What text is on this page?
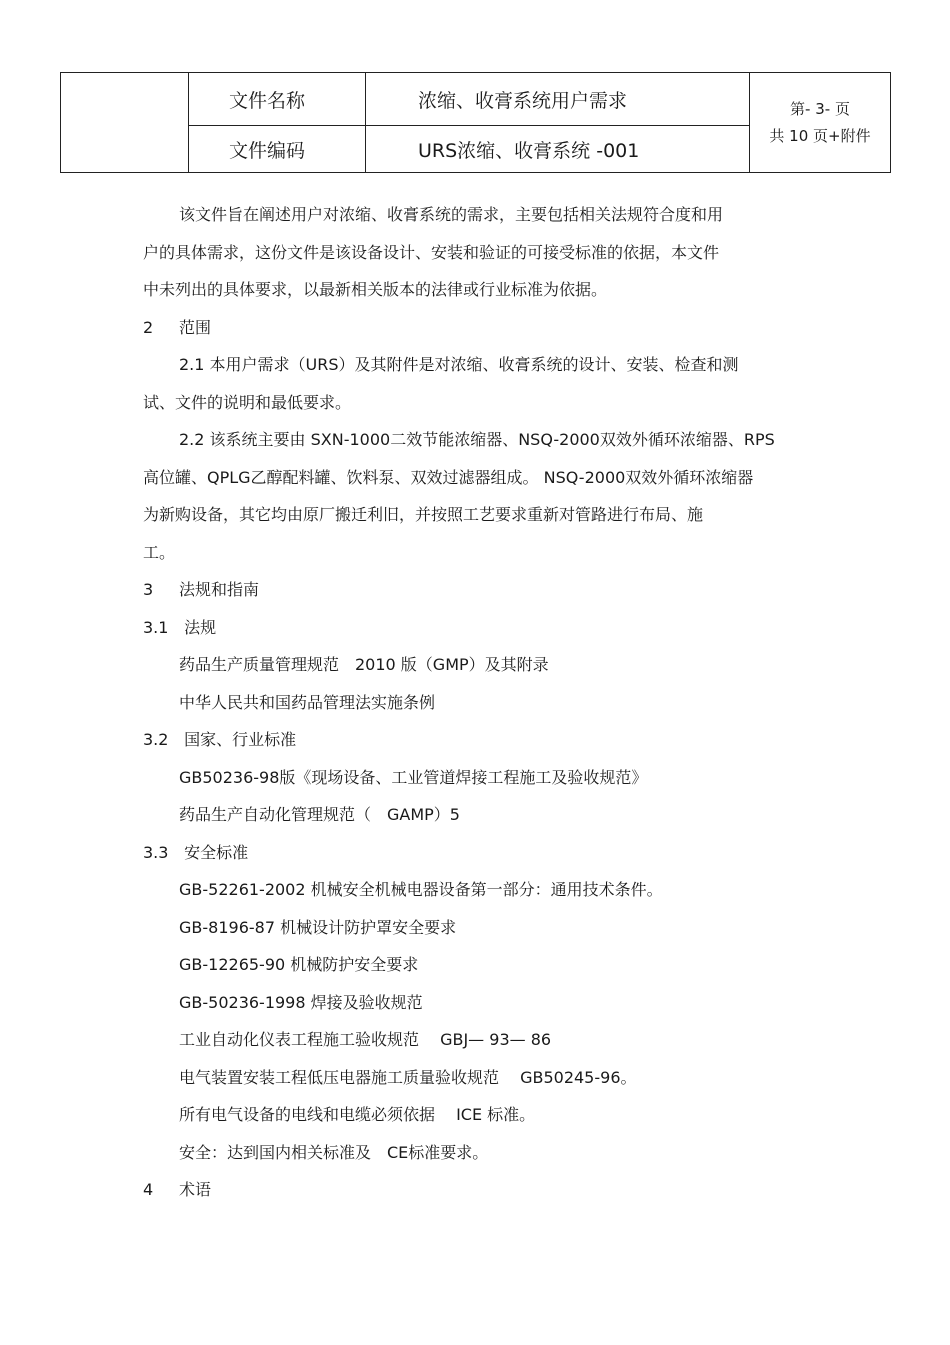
	文件名称	浓缩、收膏系统用户需求	第- 3- 页
共 10 页+附件

	文件编码	URS浓缩、收膏系统 -001	

该文件旨在阐述用户对浓缩、收膏系统的需求，主要包括相关法规符合度和用

户的具体需求，这份文件是该设备设计、安装和验证的可接受标准的依据，本文件

中未列出的具体要求，以最新相关版本的法律或行业标准为依据。

2 范围

2.1 本用户需求（URS）及其附件是对浓缩、收膏系统的设计、安装、检查和测

试、文件的说明和最低要求。

2.2 该系统主要由 SXN-1000二效节能浓缩器、NSQ-2000双效外循环浓缩器、RPS

高位罐、QPLG乙醇配料罐、饮料泵、双效过滤器组成。 NSQ-2000双效外循环浓缩器

为新购设备，其它均由原厂搬迁利旧，并按照工艺要求重新对管路进行布局、施

工。

3 法规和指南

3.1 法规

药品生产质量管理规范　2010 版（GMP）及其附录

中华人民共和国药品管理法实施条例

3.2 国家、行业标准

GB50236-98版《现场设备、工业管道焊接工程施工及验收规范》

药品生产自动化管理规范（　GAMP）5

3.3 安全标准

GB-52261-2002 机械安全机械电器设备第一部分：通用技术条件。

GB-8196-87 机械设计防护罩安全要求

GB-12265-90 机械防护安全要求

GB-50236-1998 焊接及验收规范

工业自动化仪表工程施工验收规范　 GBJ— 93— 86

电气装置安装工程低压电器施工质量验收规范　 GB50245-96。

所有电气设备的电线和电缆必须依据　 ICE 标准。

安全：达到国内相关标准及　CE标准要求。

4 术语
